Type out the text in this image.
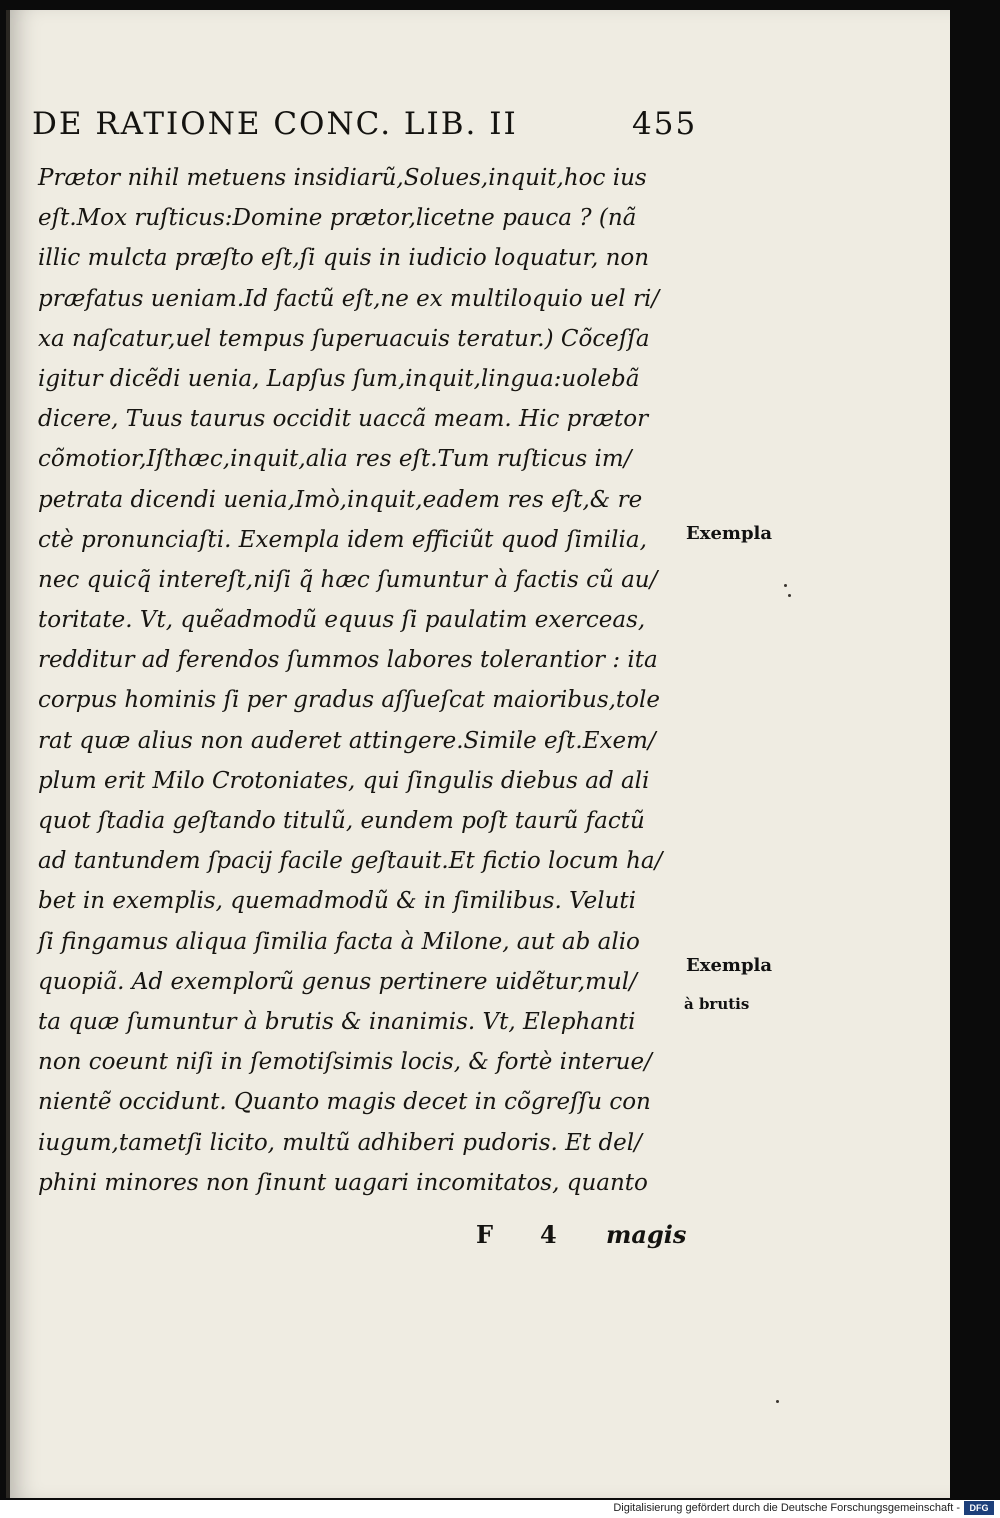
DE RATIONE CONC. LIB. II	455
Prætor nihil metuens insidiarũ,Solues,inquit,hoc ius
eſt.Mox ruſticus:Domine prætor,licetne pauca ? (nã
illic mulcta præſto eſt,ſi quis in iudicio loquatur, non
præfatus ueniam.Id factũ eſt,ne ex multiloquio uel ri/
xa naſcatur,uel tempus ſuperuacuis teratur.) Cõceſſa
igitur dicẽdi uenia, Lapſus ſum,inquit,lingua:uolebã
dicere, Tuus taurus occidit uaccã meam. Hic prætor
cõmotior,Iſthæc,inquit,alia res eſt.Tum ruſticus im/
petrata dicendi uenia,Imò,inquit,eadem res eſt,& re
ctè pronunciaſti. Exempla idem efficiũt quod ſimilia,
nec quicq̃ intereſt,niſi q̃ hæc ſumuntur à factis cũ au/
toritate. Vt, quẽadmodũ equus ſi paulatim exerceas,
redditur ad ferendos ſummos labores tolerantior : ita
corpus hominis ſi per gradus aſſueſcat maioribus,tole
rat quæ alius non auderet attingere.Simile eſt.Exem/
plum erit Milo Crotoniates, qui ſingulis diebus ad ali
quot ſtadia geſtando titulũ, eundem poſt taurũ factũ
ad tantundem ſpacij facile geſtauit.Et fictio locum ha/
bet in exemplis, quemadmodũ & in ſimilibus. Veluti
ſi fingamus aliqua ſimilia facta à Milone, aut ab alio
quopiã. Ad exemplorũ genus pertinere uidẽtur,mul/
ta quæ ſumuntur à brutis & inanimis. Vt, Elephanti
non coeunt niſi in ſemotiſsimis locis, & fortè interue/
nientẽ occidunt. Quanto magis decet in cõgreſſu con
iugum,tametſi licito, multũ adhiberi pudoris. Et del/
phini minores non ſinunt uagari incomitatos, quanto
Exempla
Exempla
à brutis
F 4 magis
Digitalisierung gefördert durch die Deutsche Forschungsgemeinschaft -	DFG
